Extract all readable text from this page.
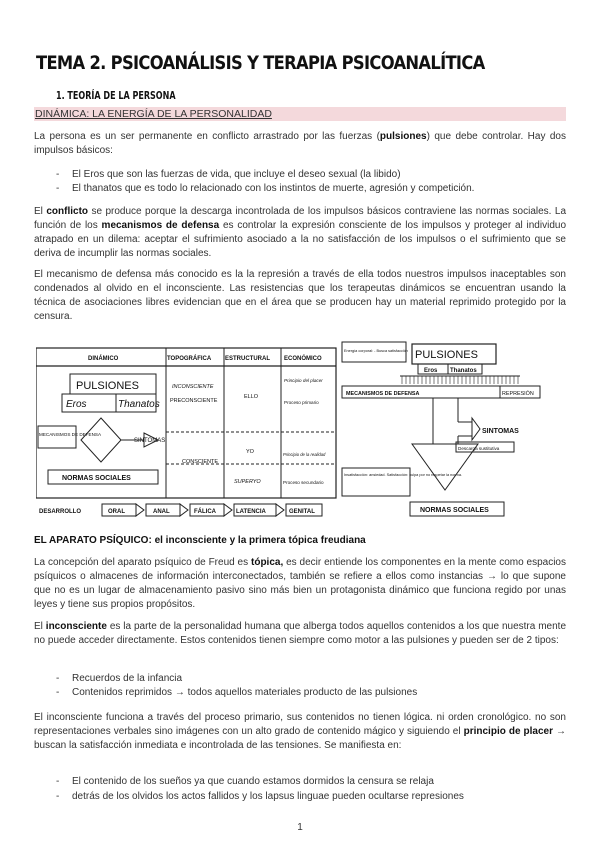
TEMA 2. PSICOANÁLISIS Y TERAPIA PSICOANALÍTICA
1. TEORÍA DE LA PERSONA
DINÁMICA: LA ENERGÍA DE LA PERSONALIDAD
La persona es un ser permanente en conflicto arrastrado por las fuerzas (pulsiones) que debe controlar. Hay dos impulsos básicos:
- El Eros que son las fuerzas de vida, que incluye el deseo sexual (la libido)
- El thanatos que es todo lo relacionado con los instintos de muerte, agresión y competición.
El conflicto se produce porque la descarga incontrolada de los impulsos básicos contraviene las normas sociales. La función de los mecanismos de defensa es controlar la expresión consciente de los impulsos y proteger al individuo atrapado en un dilema: aceptar el sufrimiento asociado a la no satisfacción de los impulsos o el sufrimiento que se deriva de incumplir las normas sociales.
El mecanismo de defensa más conocido es la la represión a través de ella todos nuestros impulsos inaceptables son condenados al olvido en el inconsciente. Las resistencias que los terapeutas dinámicos se encuentran usando la técnica de asociaciones libres evidencian que en el área que se producen hay un material reprimido protegido por la censura.
DINÁMICO	TOPOGRÁFICA ESTRUCTURAL ECONÓMICO
PULSIONES
Eros	Thanatos
MECANISMOS DE DEFENSA
SINTOMAS
NORMAS SOCIALES
INCONSCIENTE
PRECONSCIENTE
CONSCIENTE
ELLO
YO
SUPERYO
Principio del placer
Proceso primario
Principio de la realidad
Proceso secundario
DESARROLLO	ORAL	ANAL	FÁLICA	LATENCIA	GENITAL
Energía corporal: - Busca satisfacción PULSIONES
Eros Thanatos
MECANISMOS DE DEFENSA	REPRESIÓN
SINTOMAS
Descarga sustitutiva
Insatisfacción: ansiedad. Satisfacción: culpa por no respetar la norma.
NORMAS SOCIALES
EL APARATO PSÍQUICO: el inconsciente y la primera tópica freudiana
La concepción del aparato psíquico de Freud es tópica, es decir entiende los componentes en la mente como espacios psíquicos o almacenes de información interconectados, también se refiere a ellos como instancias → lo que supone que no es un lugar de almacenamiento pasivo sino más bien un protagonista dinámico que funciona regido por unas leyes y tiene sus propios propósitos.
El inconsciente es la parte de la personalidad humana que alberga todos aquellos contenidos a los que nuestra mente no puede acceder directamente. Estos contenidos tienen siempre como motor a las pulsiones y pueden ser de 2 tipos:
- Recuerdos de la infancia
- Contenidos reprimidos → todos aquellos materiales producto de las pulsiones
El inconsciente funciona a través del proceso primario, sus contenidos no tienen lógica. ni orden cronológico. no son representaciones verbales sino imágenes con un alto grado de contenido mágico y siguiendo el principio de placer → buscan la satisfacción inmediata e incontrolada de las tensiones. Se manifiesta en:
- El contenido de los sueños ya que cuando estamos dormidos la censura se relaja
- detrás de los olvidos los actos fallidos y los lapsus linguae pueden ocultarse represiones
1
